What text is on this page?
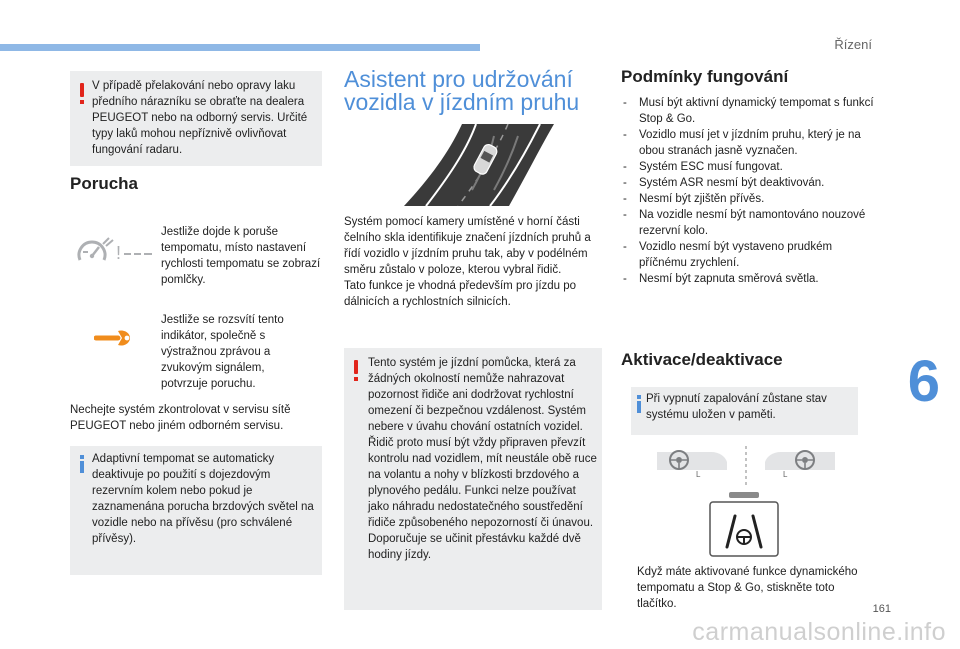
Řízení
6
V případě přelakování nebo opravy laku předního nárazníku se obraťte na dealera PEUGEOT nebo na odborný servis. Určité typy laků mohou nepříznivě ovlivňovat fungování radaru.
Porucha
!
Jestliže dojde k poruše tempomatu, místo nastavení rychlosti tempomatu se zobrazí pomlčky.
Jestliže se rozsvítí tento indikátor, společně s výstražnou zprávou a zvukovým signálem, potvrzuje poruchu.
Nechejte systém zkontrolovat v servisu sítě PEUGEOT nebo jiném odborném servisu.
Adaptivní tempomat se automaticky deaktivuje po použití s dojezdovým rezervním kolem nebo pokud je zaznamenána porucha brzdových světel na vozidle nebo na přívěsu (pro schválené přívěsy).
Asistent pro udržování
vozidla v jízdním pruhu
Systém pomocí kamery umístěné v horní části čelního skla identifikuje značení jízdních pruhů a řídí vozidlo v jízdním pruhu tak, aby v podélném směru zůstalo v poloze, kterou vybral řidič.
Tato funkce je vhodná především pro jízdu po dálnicích a rychlostních silnicích.
Tento systém je jízdní pomůcka, která za žádných okolností nemůže nahrazovat pozornost řidiče ani dodržovat rychlostní omezení či bezpečnou vzdálenost. Systém nebere v úvahu chování ostatních vozidel. Řidič proto musí být vždy připraven převzít kontrolu nad vozidlem, mít neustále obě ruce na volantu a nohy v blízkosti brzdového a plynového pedálu. Funkci nelze používat jako náhradu nedostatečného soustředění řidiče způsobeného nepozorností či únavou. Doporučuje se učinit přestávku každé dvě hodiny jízdy.
Podmínky fungování
- Musí být aktivní dynamický tempomat s funkcí Stop & Go.
- Vozidlo musí jet v jízdním pruhu, který je na obou stranách jasně vyznačen.
- Systém ESC musí fungovat.
- Systém ASR nesmí být deaktivován.
- Nesmí být zjištěn přívěs.
- Na vozidle nesmí být namontováno nouzové rezervní kolo.
- Vozidlo nesmí být vystaveno prudkém příčnému zrychlení.
- Nesmí být zapnuta směrová světla.
Aktivace/deaktivace
Při vypnutí zapalování zůstane stav systému uložen v paměti.
L	L
Když máte aktivované funkce dynamického tempomatu a Stop & Go, stiskněte toto tlačítko.	161
carmanualsonline.info
